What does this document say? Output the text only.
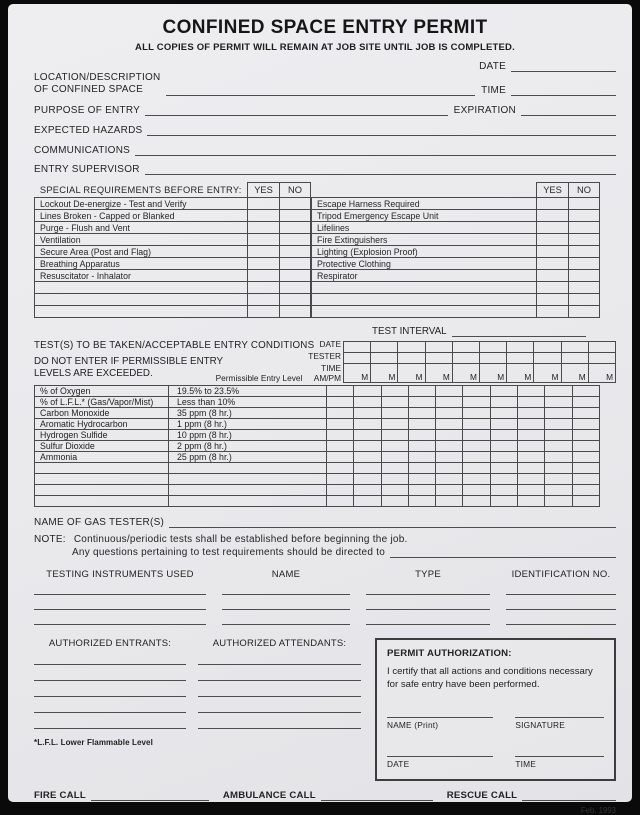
CONFINED SPACE ENTRY PERMIT
ALL COPIES OF PERMIT WILL REMAIN AT JOB SITE UNTIL JOB IS COMPLETED.
DATE
LOCATION/DESCRIPTION
OF CONFINED SPACE	TIME
PURPOSE OF ENTRY	EXPIRATION
EXPECTED HAZARDS
COMMUNICATIONS
ENTRY SUPERVISOR
SPECIAL REQUIREMENTS BEFORE ENTRY:	YES	NO
Lockout De-energize - Test and Verify		
Lines Broken - Capped or Blanked		
Purge - Flush and Vent		
Ventilation		
Secure Area (Post and Flag)		
Breathing Apparatus		
Resuscitator - Inhalator		

	YES	NO
Escape Harness Required		
Tripod Emergency Escape Unit		
Lifelines		
Fire Extinguishers		
Lighting (Explosion Proof)		
Protective Clothing		
Respirator		

TEST INTERVAL
TEST(S) TO BE TAKEN/ACCEPTABLE ENTRY CONDITIONS
DO NOT ENTER IF PERMISSIBLE ENTRY
LEVELS ARE EXCEEDED.	Permissible Entry Level
DATE
TESTER
TIME
AM/PM

									M	M	M	M	M	M	M	M	M	M
% of Oxygen	19.5% to 23.5%										
% of L.F.L.* (Gas/Vapor/Mist)	Less than 10%										
Carbon Monoxide	35 ppm (8 hr.)										
Aromatic Hydrocarbon	1 ppm (8 hr.)										
Hydrogen Sulfide	10 ppm (8 hr.)										
Sulfur Dioxide	2 ppm (8 hr.)										
Ammonia	25 ppm (8 hr.)										

NAME OF GAS TESTER(S)
NOTE: Continuous/periodic tests shall be established before beginning the job.
Any questions pertaining to test requirements should be directed to
TESTING INSTRUMENTS USED	NAME	TYPE	IDENTIFICATION NO.
AUTHORIZED ENTRANTS:
*L.F.L. Lower Flammable Level
AUTHORIZED ATTENDANTS:
PERMIT AUTHORIZATION:
I certify that all actions and conditions necessary for safe entry have been performed.
NAME (Print)	SIGNATURE
DATE	TIME
FIRE CALL	AMBULANCE CALL	RESCUE CALL
Feb. 1993
